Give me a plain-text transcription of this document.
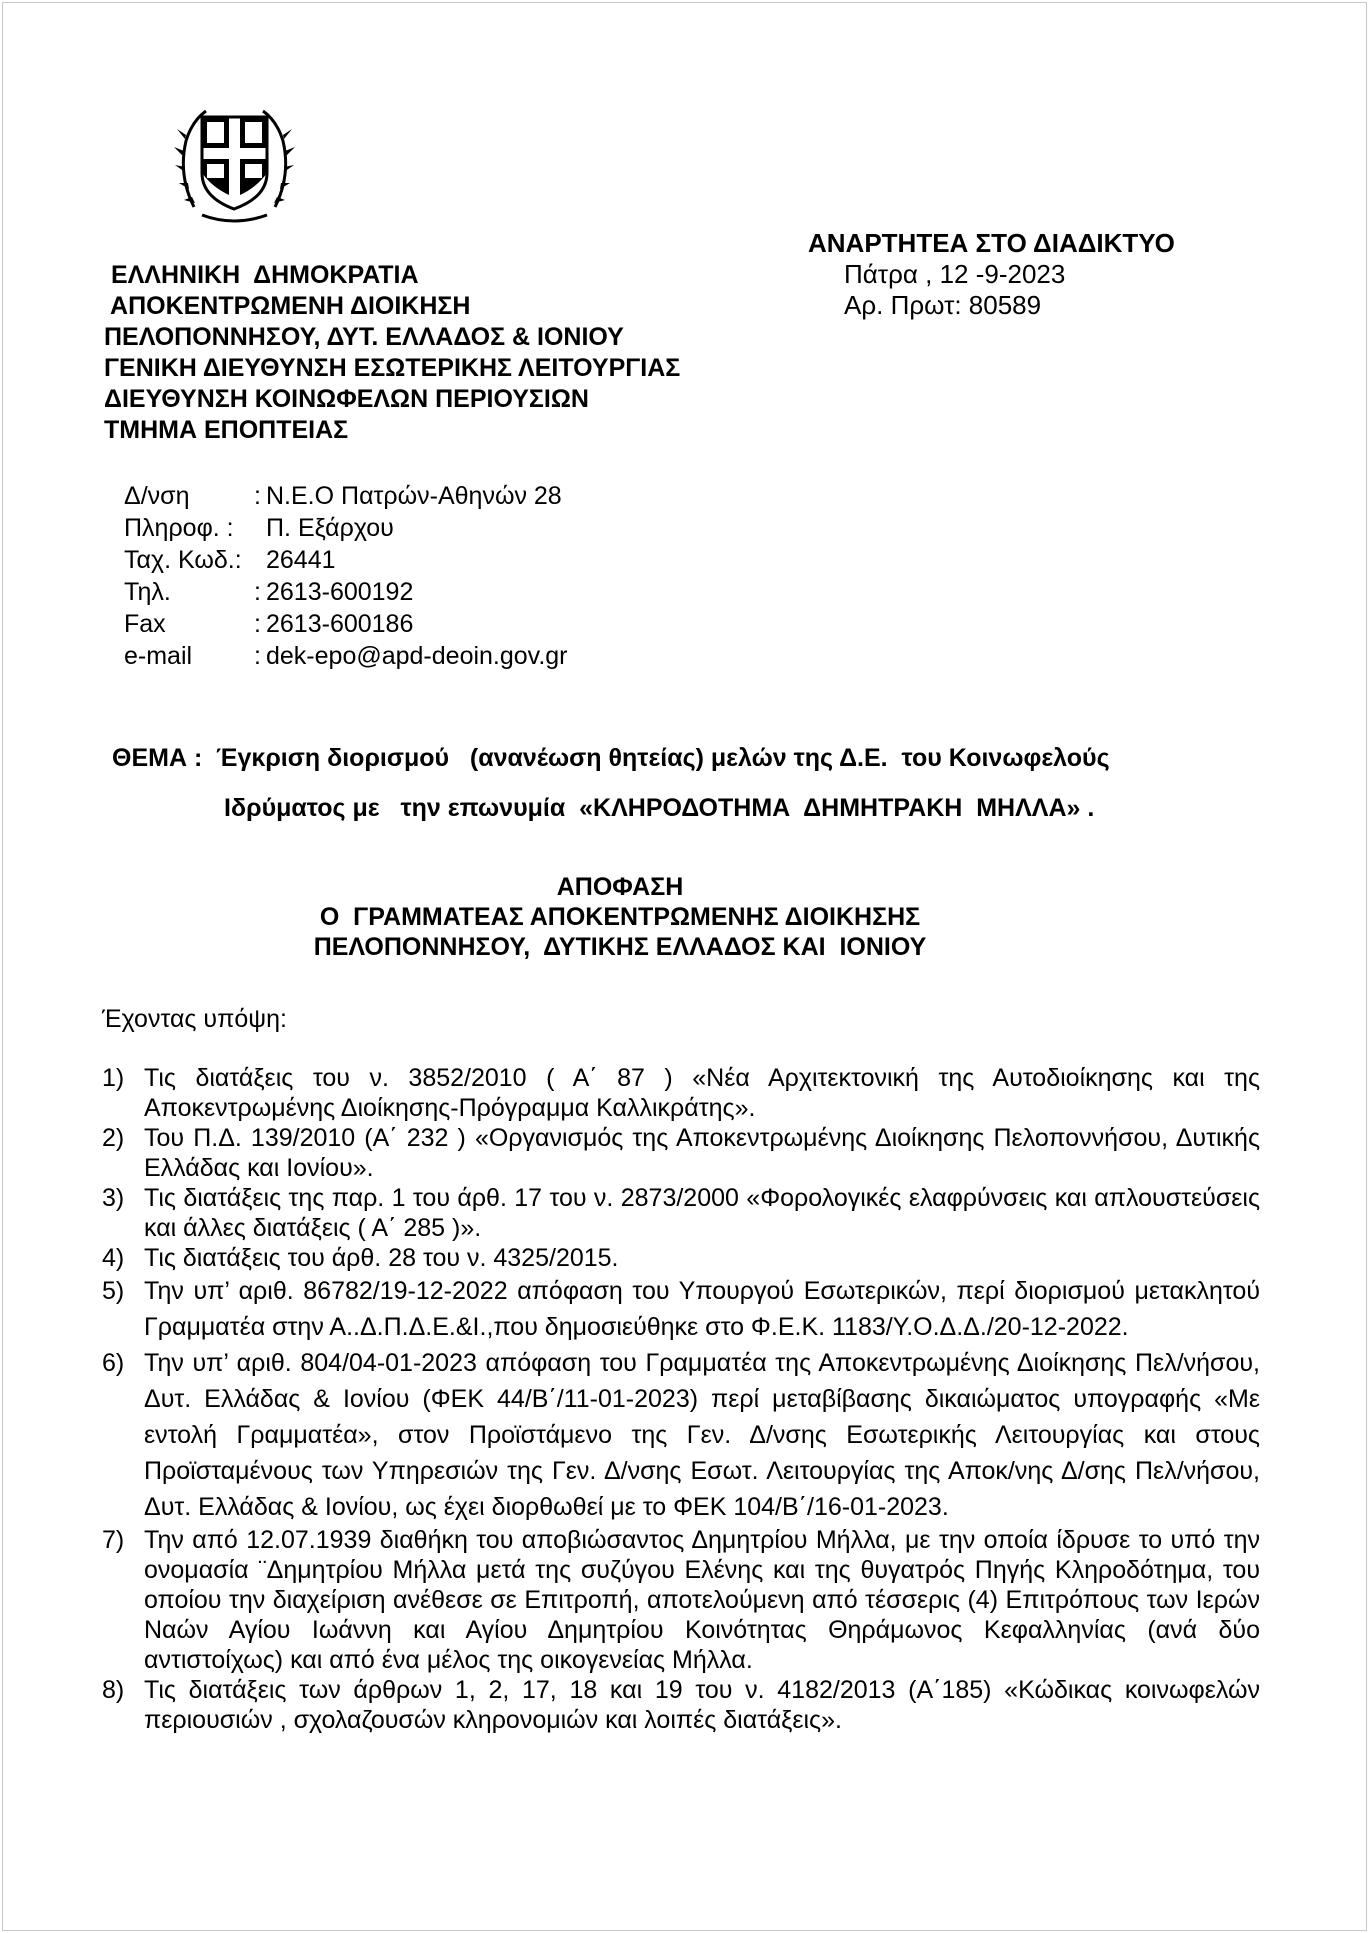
ΑΝΑΡΤΗΤΕΑ ΣΤΟ ΔΙΑΔΙΚΤΥΟ
Πάτρα , 12 -9-2023
Αρ. Πρωτ: 80589
ΕΛΛΗΝΙΚΗ  ΔΗΜΟΚΡΑΤΙΑ
ΑΠΟΚΕΝΤΡΩΜΕΝΗ ΔΙΟΙΚΗΣΗ
ΠΕΛΟΠΟΝΝΗΣΟΥ, ΔΥΤ. ΕΛΛΑΔΟΣ & ΙΟΝΙΟΥ
ΓΕΝΙΚΗ ΔΙΕΥΘΥΝΣΗ ΕΣΩΤΕΡΙΚΗΣ ΛΕΙΤΟΥΡΓΙΑΣ
ΔΙΕΥΘΥΝΣΗ ΚΟΙΝΩΦΕΛΩΝ ΠΕΡΙΟΥΣΙΩΝ
ΤΜΗΜΑ ΕΠΟΠΤΕΙΑΣ
Δ/νση	: Ν.Ε.Ο Πατρών-Αθηνών 28
Πληροφ. :	Π. Εξάρχου
Ταχ. Κωδ.: 26441
Τηλ.	: 2613-600192
Fax	: 2613-600186
e-mail	: dek-epo@apd-deoin.gov.gr
ΘΕΜΑ :  Έγκριση διορισμού   (ανανέωση θητείας) μελών της Δ.Ε.  του Κοινωφελούς
Ιδρύματος με   την επωνυμία  «ΚΛΗΡΟΔΟΤΗΜΑ  ΔΗΜΗΤΡΑΚΗ  ΜΗΛΛΑ» .
ΑΠΟΦΑΣΗ
Ο  ΓΡΑΜΜΑΤΕΑΣ ΑΠΟΚΕΝΤΡΩΜΕΝΗΣ ΔΙΟΙΚΗΣΗΣ
ΠΕΛΟΠΟΝΝΗΣΟΥ,  ΔΥΤΙΚΗΣ ΕΛΛΑΔΟΣ ΚΑΙ  ΙΟΝΙΟΥ
Έχοντας υπόψη:
1) Τις διατάξεις του ν. 3852/2010 ( Α΄ 87 ) «Νέα Αρχιτεκτονική της Αυτοδιοίκησης και της Αποκεντρωμένης Διοίκησης-Πρόγραμμα Καλλικράτης».
2) Του Π.Δ. 139/2010 (Α΄ 232 ) «Οργανισμός της Αποκεντρωμένης Διοίκησης Πελοποννήσου, Δυτικής Ελλάδας και Ιονίου».
3) Τις διατάξεις της παρ. 1 του άρθ. 17 του ν. 2873/2000 «Φορολογικές ελαφρύνσεις και απλουστεύσεις και άλλες διατάξεις ( Α΄ 285 )».
4) Τις διατάξεις του άρθ. 28 του ν. 4325/2015.
5) Την υπ’ αριθ. 86782/19-12-2022 απόφαση του Υπουργού Εσωτερικών, περί διορισμού μετακλητού Γραμματέα στην Α..Δ.Π.Δ.Ε.&Ι.,που δημοσιεύθηκε στο Φ.Ε.Κ. 1183/Υ.Ο.Δ.Δ./20-12-2022.
6) Την υπ’ αριθ. 804/04-01-2023 απόφαση του Γραμματέα της Αποκεντρωμένης Διοίκησης Πελ/νήσου, Δυτ. Ελλάδας & Ιονίου (ΦΕΚ 44/Β΄/11-01-2023) περί μεταβίβασης δικαιώματος υπογραφής «Με εντολή Γραμματέα», στον Προϊστάμενο της Γεν. Δ/νσης Εσωτερικής Λειτουργίας και στους Προϊσταμένους των Υπηρεσιών της Γεν. Δ/νσης Εσωτ. Λειτουργίας της Αποκ/νης Δ/σης Πελ/νήσου, Δυτ. Ελλάδας & Ιονίου, ως έχει διορθωθεί με το ΦΕΚ 104/Β΄/16-01-2023.
7) Την από 12.07.1939 διαθήκη του αποβιώσαντος Δημητρίου Μήλλα, με την οποία ίδρυσε το υπό την ονομασία ¨Δημητρίου Μήλλα μετά της συζύγου Ελένης και της θυγατρός Πηγής Κληροδότημα, του οποίου την διαχείριση ανέθεσε σε Επιτροπή, αποτελούμενη από τέσσερις (4) Επιτρόπους των Ιερών Ναών Αγίου Ιωάννη και Αγίου Δημητρίου Κοινότητας Θηράμωνος Κεφαλληνίας (ανά δύο αντιστοίχως) και από ένα μέλος της οικογενείας Μήλλα.
8) Τις διατάξεις των άρθρων 1, 2, 17, 18 και 19 του ν. 4182/2013 (Α΄185) «Κώδικας κοινωφελών περιουσιών , σχολαζουσών κληρονομιών και λοιπές διατάξεις».
